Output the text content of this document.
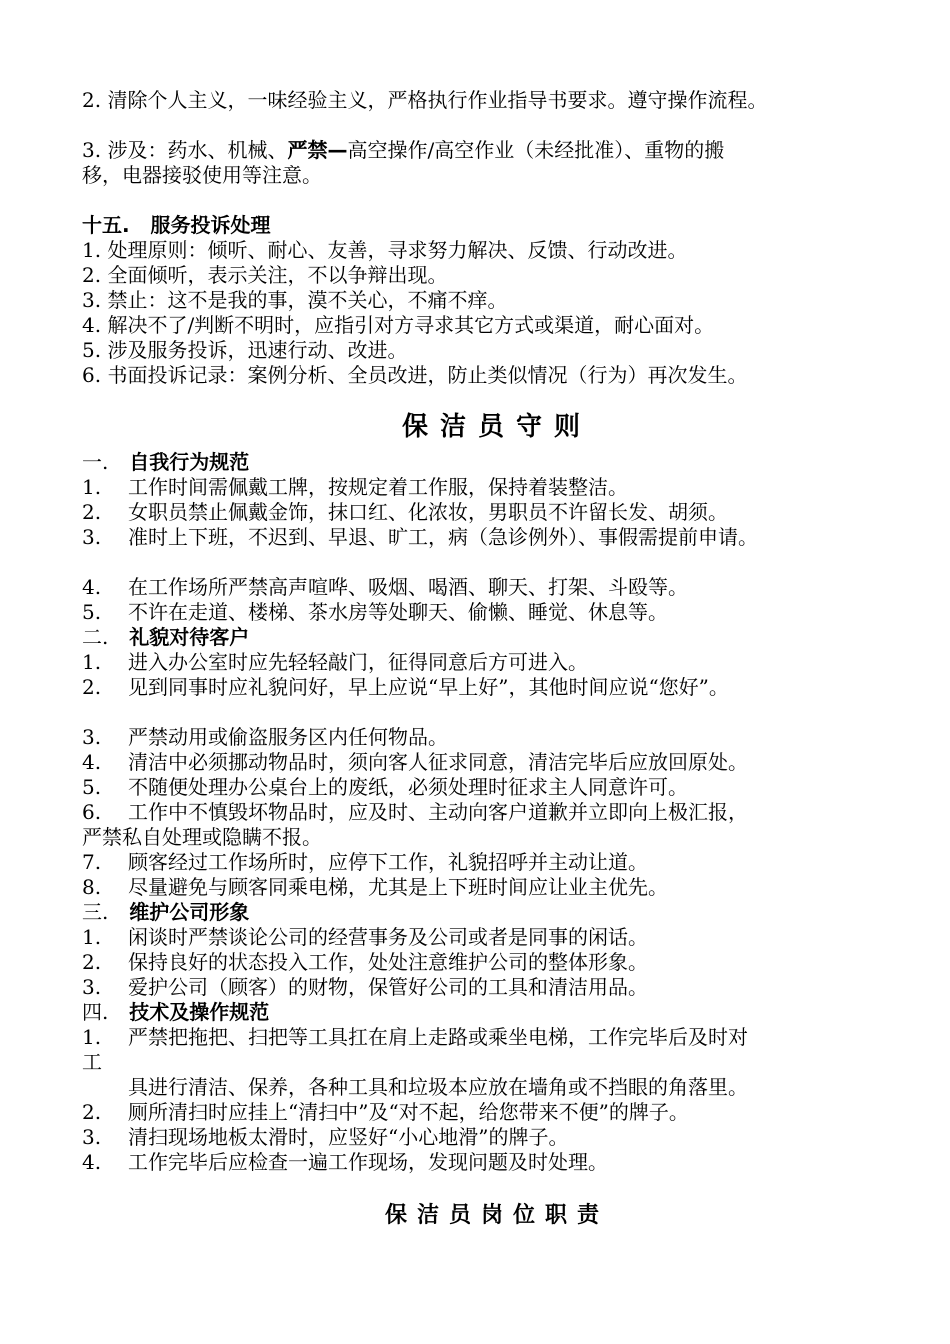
2. 清除个人主义，一味经验主义，严格执行作业指导书要求。遵守操作流程。
3. 涉及：药水、机械、严禁—高空操作/高空作业（未经批准）、重物的搬
移，电器接驳使用等注意。
十五. 服务投诉处理
1. 处理原则：倾听、耐心、友善，寻求努力解决、反馈、行动改进。
2. 全面倾听，表示关注，不以争辩出现。
3. 禁止：这不是我的事，漠不关心，不痛不痒。
4. 解决不了/判断不明时，应指引对方寻求其它方式或渠道，耐心面对。
5. 涉及服务投诉，迅速行动、改进。
6. 书面投诉记录：案例分析、全员改进，防止类似情况（行为）再次发生。
保洁员守则
一. 自我行为规范
1.	工作时间需佩戴工牌，按规定着工作服，保持着装整洁。
2.	女职员禁止佩戴金饰，抹口红、化浓妆，男职员不许留长发、胡须。
3.	准时上下班，不迟到、早退、旷工，病（急诊例外）、事假需提前申请。
4.	在工作场所严禁高声喧哗、吸烟、喝酒、聊天、打架、斗殴等。
5.	不许在走道、楼梯、茶水房等处聊天、偷懒、睡觉、休息等。
二. 礼貌对待客户
1.	进入办公室时应先轻轻敲门，征得同意后方可进入。
2.	见到同事时应礼貌问好，早上应说“早上好”，其他时间应说“您好”。
3.	严禁动用或偷盗服务区内任何物品。
4.	清洁中必须挪动物品时，须向客人征求同意，清洁完毕后应放回原处。
5.	不随便处理办公桌台上的废纸，必须处理时征求主人同意许可。
6.	工作中不慎毁坏物品时，应及时、主动向客户道歉并立即向上极汇报，
严禁私自处理或隐瞒不报。
7.	顾客经过工作场所时，应停下工作，礼貌招呼并主动让道。
8.	尽量避免与顾客同乘电梯，尤其是上下班时间应让业主优先。
三. 维护公司形象
1.	闲谈时严禁谈论公司的经营事务及公司或者是同事的闲话。
2.	保持良好的状态投入工作，处处注意维护公司的整体形象。
3.	爱护公司（顾客）的财物，保管好公司的工具和清洁用品。
四. 技术及操作规范
1.	严禁把拖把、扫把等工具扛在肩上走路或乘坐电梯，工作完毕后及时对
工
具进行清洁、保养，各种工具和垃圾本应放在墙角或不挡眼的角落里。
2.	厕所清扫时应挂上“清扫中”及“对不起，给您带来不便”的牌子。
3.	清扫现场地板太滑时，应竖好“小心地滑”的牌子。
4.	工作完毕后应检查一遍工作现场，发现问题及时处理。
保洁员岗位职责
